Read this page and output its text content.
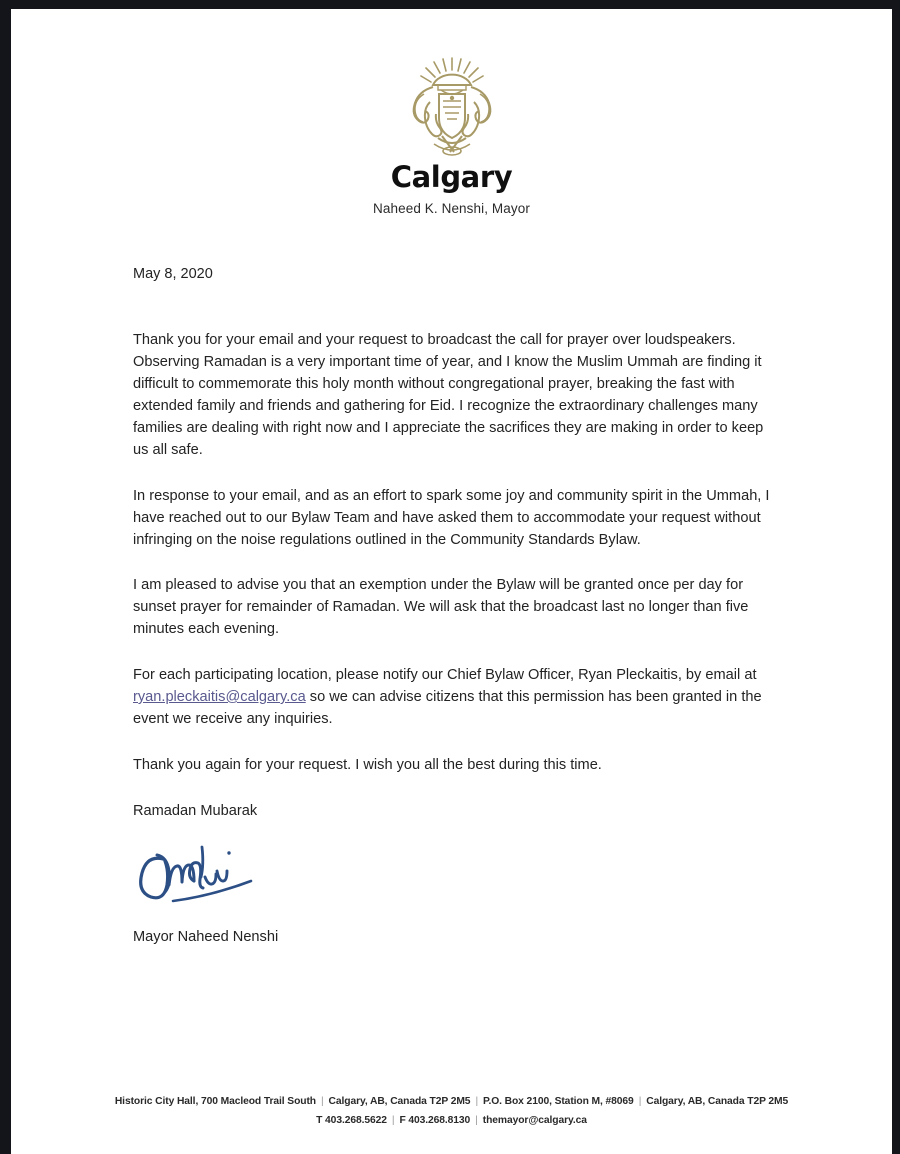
Calgary
Naheed K. Nenshi, Mayor
May 8, 2020

Thank you for your email and your request to broadcast the call for prayer over loudspeakers. Observing Ramadan is a very important time of year, and I know the Muslim Ummah are finding it difficult to commemorate this holy month without congregational prayer, breaking the fast with extended family and friends and gathering for Eid. I recognize the extraordinary challenges many families are dealing with right now and I appreciate the sacrifices they are making in order to keep us all safe.

In response to your email, and as an effort to spark some joy and community spirit in the Ummah, I have reached out to our Bylaw Team and have asked them to accommodate your request without infringing on the noise regulations outlined in the Community Standards Bylaw.

I am pleased to advise you that an exemption under the Bylaw will be granted once per day for sunset prayer for remainder of Ramadan. We will ask that the broadcast last no longer than five minutes each evening.

For each participating location, please notify our Chief Bylaw Officer, Ryan Pleckaitis, by email at ryan.pleckaitis@calgary.ca so we can advise citizens that this permission has been granted in the event we receive any inquiries.

Thank you again for your request. I wish you all the best during this time.

Ramadan Mubarak
Mayor Naheed Nenshi
Historic City Hall, 700 Macleod Trail South | Calgary, AB, Canada T2P 2M5 | P.O. Box 2100, Station M, #8069 | Calgary, AB, Canada T2P 2M5
T 403.268.5622 | F 403.268.8130 | themayor@calgary.ca
